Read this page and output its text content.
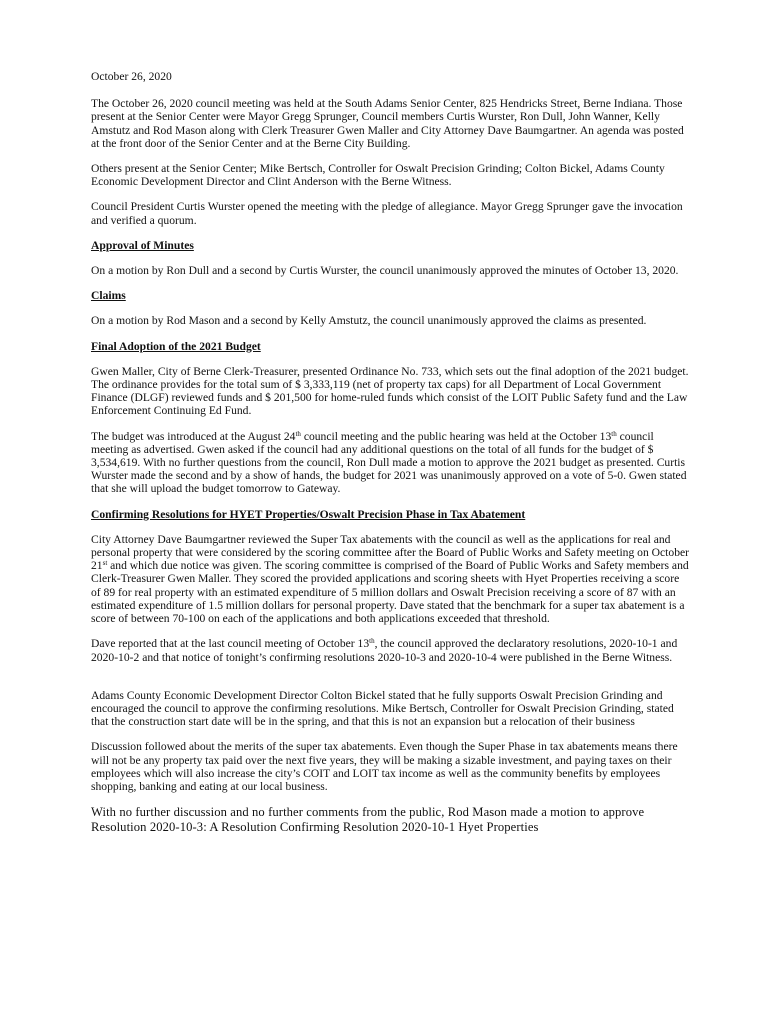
October 26, 2020

The October 26, 2020 council meeting was held at the South Adams Senior Center, 825 Hendricks Street, Berne Indiana. Those present at the Senior Center were Mayor Gregg Sprunger, Council members Curtis Wurster, Ron Dull, John Wanner, Kelly Amstutz and Rod Mason along with Clerk Treasurer Gwen Maller and City Attorney Dave Baumgartner. An agenda was posted at the front door of the Senior Center and at the Berne City Building.

Others present at the Senior Center; Mike Bertsch, Controller for Oswalt Precision Grinding; Colton Bickel, Adams County Economic Development Director and Clint Anderson with the Berne Witness.

Council President Curtis Wurster opened the meeting with the pledge of allegiance. Mayor Gregg Sprunger gave the invocation and verified a quorum.

Approval of Minutes

On a motion by Ron Dull and a second by Curtis Wurster, the council unanimously approved the minutes of October 13, 2020.

Claims

On a motion by Rod Mason and a second by Kelly Amstutz, the council unanimously approved the claims as presented.

Final Adoption of the 2021 Budget

Gwen Maller, City of Berne Clerk-Treasurer, presented Ordinance No. 733, which sets out the final adoption of the 2021 budget. The ordinance provides for the total sum of $ 3,333,119 (net of property tax caps) for all Department of Local Government Finance (DLGF) reviewed funds and $ 201,500 for home-ruled funds which consist of the LOIT Public Safety fund and the Law Enforcement Continuing Ed Fund.

The budget was introduced at the August 24th council meeting and the public hearing was held at the October 13th council meeting as advertised. Gwen asked if the council had any additional questions on the total of all funds for the budget of $ 3,534,619. With no further questions from the council, Ron Dull made a motion to approve the 2021 budget as presented. Curtis Wurster made the second and by a show of hands, the budget for 2021 was unanimously approved on a vote of 5-0. Gwen stated that she will upload the budget tomorrow to Gateway.

Confirming Resolutions for HYET Properties/Oswalt Precision Phase in Tax Abatement

City Attorney Dave Baumgartner reviewed the Super Tax abatements with the council as well as the applications for real and personal property that were considered by the scoring committee after the Board of Public Works and Safety meeting on October 21st and which due notice was given. The scoring committee is comprised of the Board of Public Works and Safety members and Clerk-Treasurer Gwen Maller. They scored the provided applications and scoring sheets with Hyet Properties receiving a score of 89 for real property with an estimated expenditure of 5 million dollars and Oswalt Precision receiving a score of 87 with an estimated expenditure of 1.5 million dollars for personal property. Dave stated that the benchmark for a super tax abatement is a score of between 70-100 on each of the applications and both applications exceeded that threshold.

Dave reported that at the last council meeting of October 13th, the council approved the declaratory resolutions, 2020-10-1 and 2020-10-2 and that notice of tonight’s confirming resolutions 2020-10-3 and 2020-10-4 were published in the Berne Witness.

Adams County Economic Development Director Colton Bickel stated that he fully supports Oswalt Precision Grinding and encouraged the council to approve the confirming resolutions. Mike Bertsch, Controller for Oswalt Precision Grinding, stated that the construction start date will be in the spring, and that this is not an expansion but a relocation of their business

Discussion followed about the merits of the super tax abatements. Even though the Super Phase in tax abatements means there will not be any property tax paid over the next five years, they will be making a sizable investment, and paying taxes on their employees which will also increase the city’s COIT and LOIT tax income as well as the community benefits by employees shopping, banking and eating at our local business.

With no further discussion and no further comments from the public, Rod Mason made a motion to approve Resolution 2020-10-3: A Resolution Confirming Resolution 2020-10-1 Hyet Properties
